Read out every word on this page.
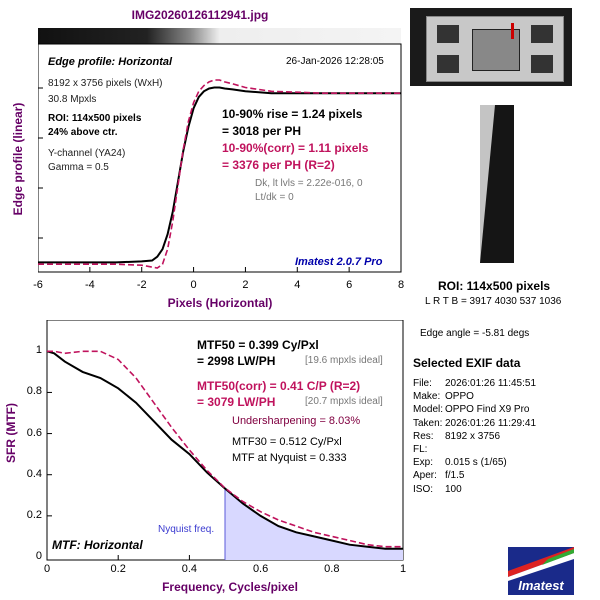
IMG20260126112941.jpg
Edge profile (linear)
-6	-4	-2	0	2	4	6	8
Pixels (Horizontal)
Edge profile: Horizontal	26-Jan-2026 12:28:05
8192 x 3756 pixels (WxH)
30.8 Mpxls
ROI: 114x500 pixels
24% above ctr.
Y-channel (YA24)
Gamma = 0.5
10-90% rise = 1.24 pixels
= 3018 per PH
10-90%(corr) = 1.11 pixels
= 3376 per PH (R=2)
Dk, lt lvls = 2.22e-016, 0
Lt/dk = 0
Imatest 2.0.7 Pro
SFR (MTF)
1
0.8
0.6
0.4
0.2
0
0	0.2	0.4	0.6	0.8	1
Frequency, Cycles/pixel
MTF50 = 0.399 Cy/Pxl
= 2998 LW/PH	[19.6 mpxls ideal]
MTF50(corr) = 0.41 C/P (R=2)
= 3079 LW/PH	[20.7 mpxls ideal]
Undersharpening = 8.03%
MTF30 = 0.512 Cy/Pxl
MTF at Nyquist = 0.333
Nyquist freq.
MTF: Horizontal
ROI: 114x500 pixels
L R T B = 3917 4030 537 1036
Edge angle = -5.81 degs
Selected EXIF data
File: 2026:01:26 11:45:51
Make: OPPO
Model: OPPO Find X9 Pro
Taken: 2026:01:26 11:29:41
Res: 8192 x 3756
FL:
Exp: 0.015 s (1/65)
Aper: f/1.5
ISO: 100
Imatest
